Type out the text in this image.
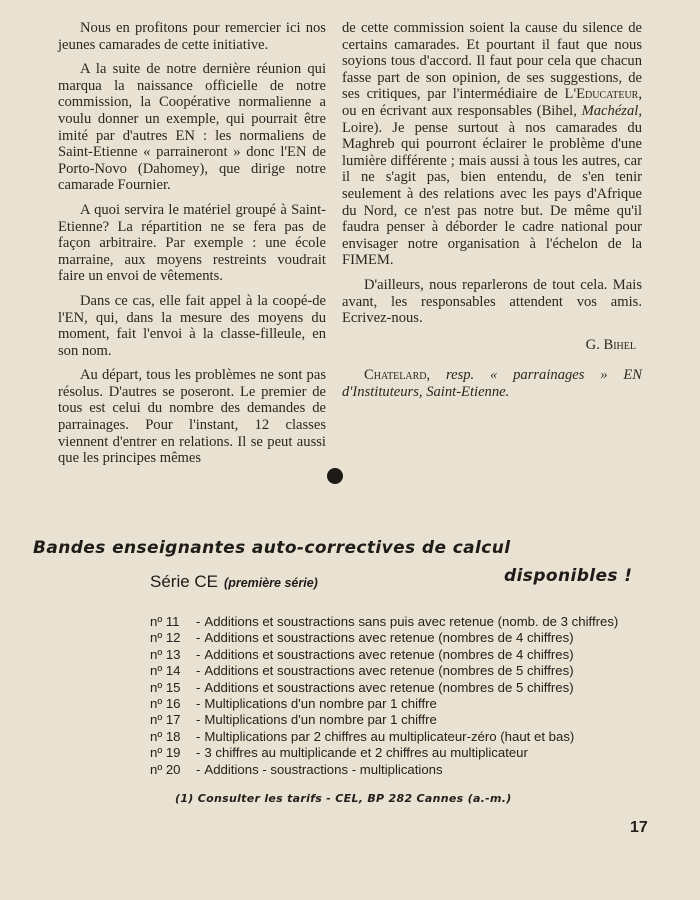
Nous en profitons pour remercier ici nos jeunes camarades de cette initiative.

A la suite de notre dernière réunion qui marqua la naissance officielle de notre commission, la Coopérative normalienne a voulu donner un exemple, qui pourrait être imité par d'autres EN : les normaliens de Saint-Etienne « parraineront » donc l'EN de Porto-Novo (Dahomey), que dirige notre camarade Fournier.

A quoi servira le matériel groupé à Saint-Etienne? La répartition ne se fera pas de façon arbitraire. Par exemple : une école marraine, aux moyens restreints voudrait faire un envoi de vêtements.

Dans ce cas, elle fait appel à la coopé-de l'EN, qui, dans la mesure des moyens du moment, fait l'envoi à la classe-filleule, en son nom.

Au départ, tous les problèmes ne sont pas résolus. D'autres se poseront. Le premier de tous est celui du nombre des demandes de parrainages. Pour l'instant, 12 classes viennent d'entrer en relations. Il se peut aussi que les principes mêmes

de cette commission soient la cause du silence de certains camarades. Et pourtant il faut que nous soyions tous d'accord. Il faut pour cela que chacun fasse part de son opinion, de ses suggestions, de ses critiques, par l'intermédiaire de L'Educateur, ou en écrivant aux responsables (Bihel, Machézal, Loire). Je pense surtout à nos camarades du Maghreb qui pourront éclairer le problème d'une lumière différente ; mais aussi à tous les autres, car il ne s'agit pas, bien entendu, de s'en tenir seulement à des relations avec les pays d'Afrique du Nord, ce n'est pas notre but. De même qu'il faudra penser à déborder le cadre national pour envisager notre organisation à l'échelon de la FIMEM.

D'ailleurs, nous reparlerons de tout cela. Mais avant, les responsables attendent vos amis. Ecrivez-nous.

G. Bihel
Chatelard, resp. « parrainages » EN d'Instituteurs, Saint-Etienne.
Bandes enseignantes auto-correctives de calcul
Série CE (première série)	disponibles !
nº 11 - Additions et soustractions sans puis avec retenue (nomb. de 3 chiffres)
nº 12 - Additions et soustractions avec retenue (nombres de 4 chiffres)
nº 13 - Additions et soustractions avec retenue (nombres de 4 chiffres)
nº 14 - Additions et soustractions avec retenue (nombres de 5 chiffres)
nº 15 - Additions et soustractions avec retenue (nombres de 5 chiffres)
nº 16 - Multiplications d'un nombre par 1 chiffre
nº 17 - Multiplications d'un nombre par 1 chiffre
nº 18 - Multiplications par 2 chiffres au multiplicateur-zéro (haut et bas)
nº 19 - 3 chiffres au multiplicande et 2 chiffres au multiplicateur
nº 20 - Additions - soustractions - multiplications
(1) Consulter les tarifs - CEL, BP 282 Cannes (a.-m.)
17
